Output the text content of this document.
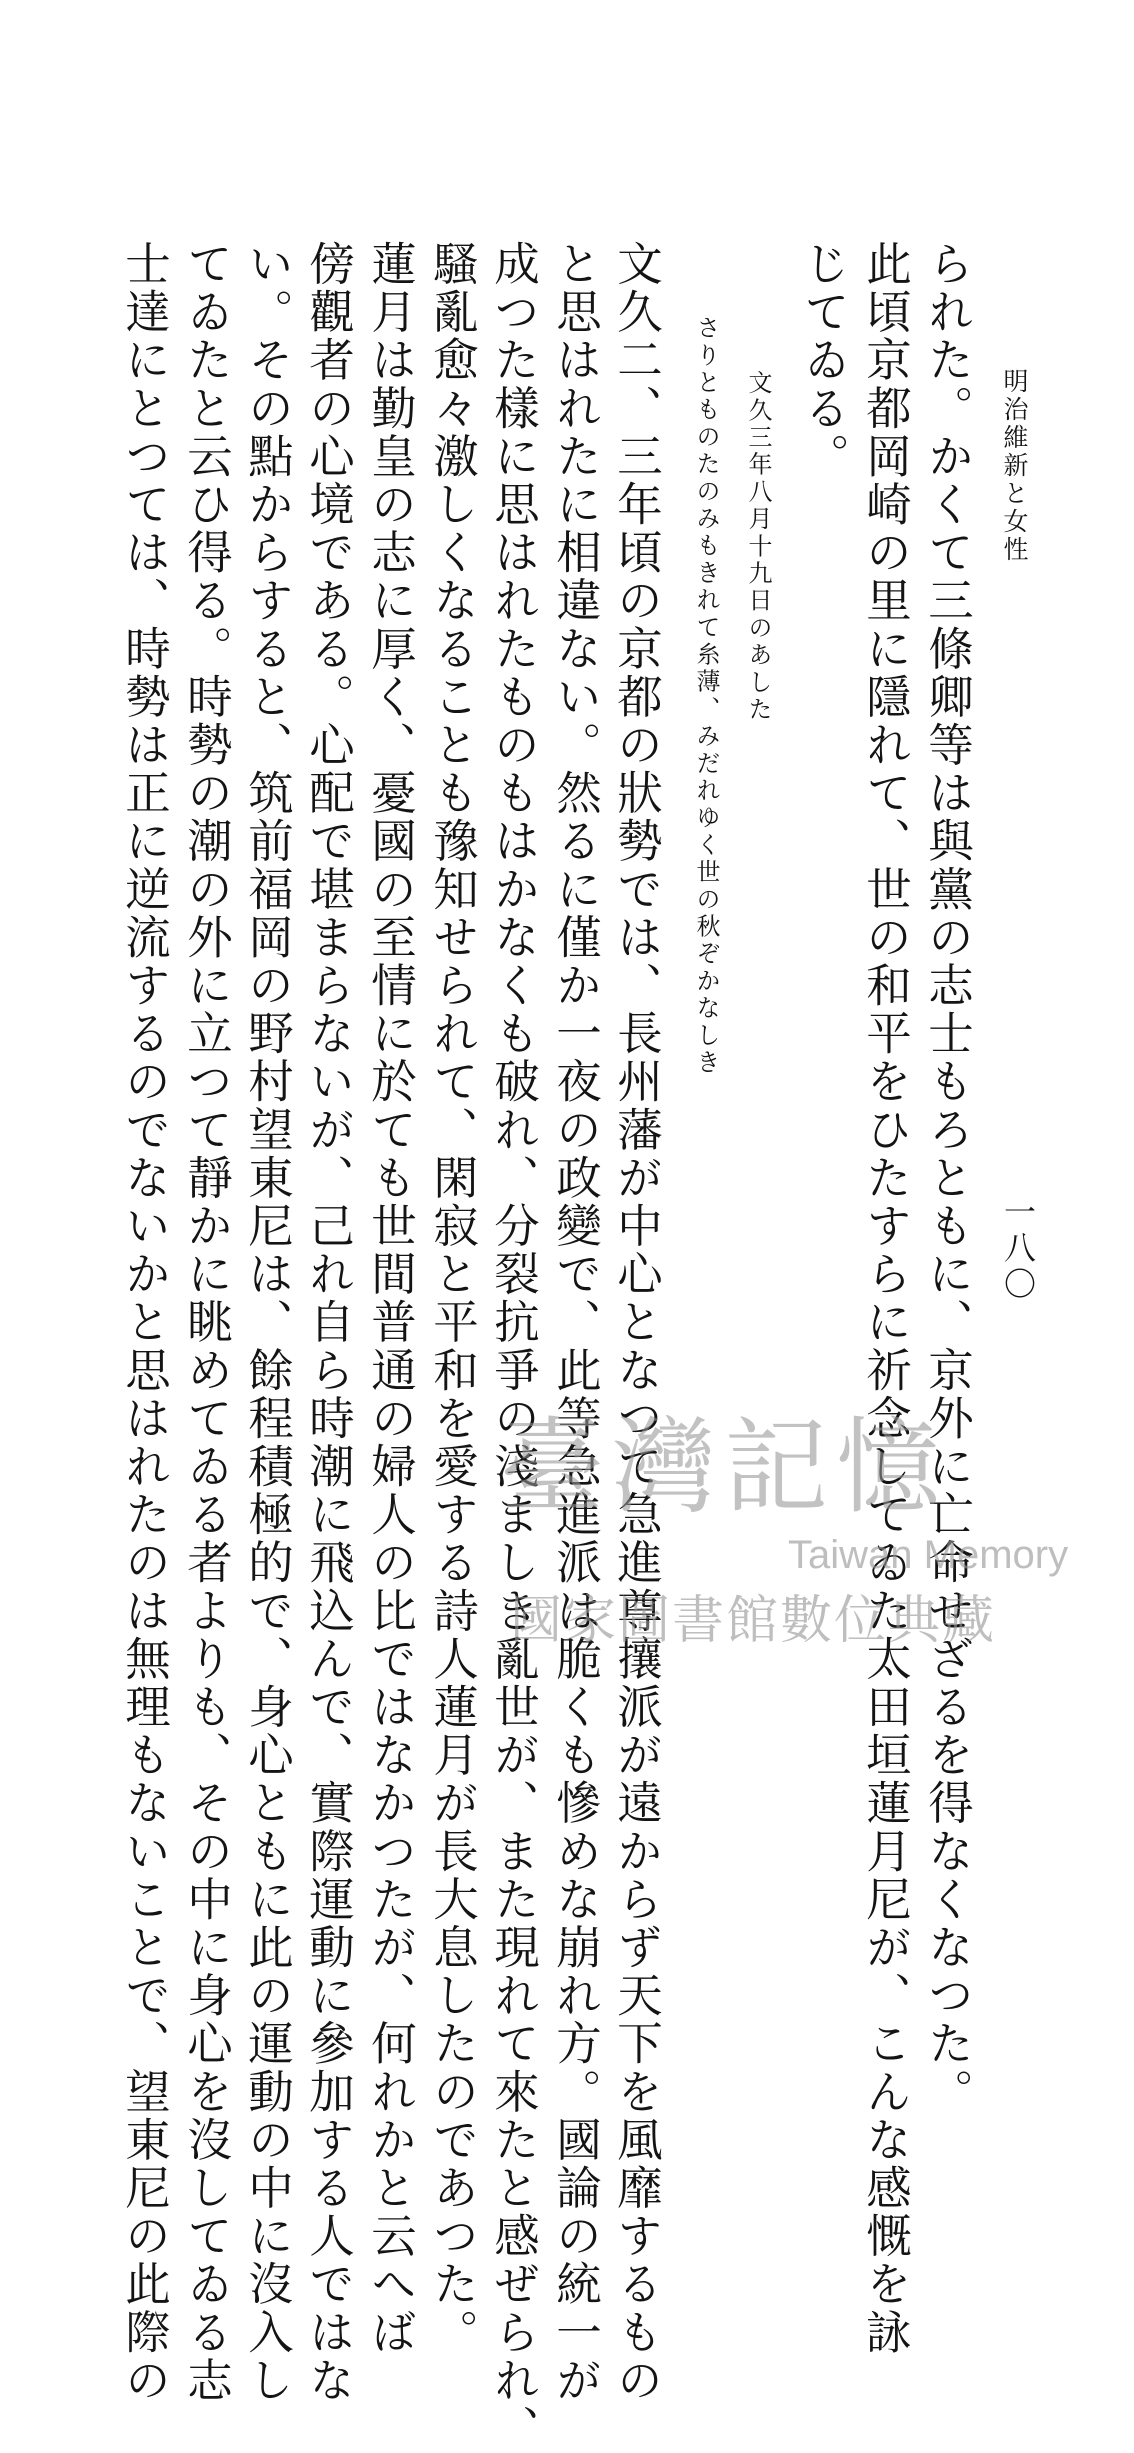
明治維新と女性
られた。かくて三條卿等は與黨の志士もろともに、京外に亡命せざるを得なくなつた。
此頃京都岡崎の里に隱れて、世の和平をひたすらに祈念してゐた太田垣蓮月尼が、こんな感慨を詠
じてゐる。
文久三年八月十九日のあした
さりとものたのみもきれて糸薄、みだれゆく世の秋ぞかなしき
文久二、三年頃の京都の狀勢では、長州藩が中心となつて急進尊攘派が遠からず天下を風靡するもの
と思はれたに相違ない。然るに僅か一夜の政變で、此等急進派は脆くも慘めな崩れ方。國論の統一が
成つた樣に思はれたものもはかなくも破れ、分裂抗爭の淺ましき亂世が、また現れて來たと感ぜられ、
騷亂愈々激しくなることも豫知せられて、閑寂と平和を愛する詩人蓮月が長大息したのであつた。
蓮月は勤皇の志に厚く、憂國の至情に於ても世間普通の婦人の比ではなかつたが、何れかと云へば
傍觀者の心境である。心配で堪まらないが、己れ自ら時潮に飛込んで、實際運動に參加する人ではな
い。その點からすると、筑前福岡の野村望東尼は、餘程積極的で、身心ともに此の運動の中に沒入し
てゐたと云ひ得る。時勢の潮の外に立つて靜かに眺めてゐる者よりも、その中に身心を沒してゐる志
士達にとつては、時勢は正に逆流するのでないかと思はれたのは無理もないことで、望東尼の此際の	一八〇
臺灣記憶
Taiwan Memory
國家圖書館數位典藏
